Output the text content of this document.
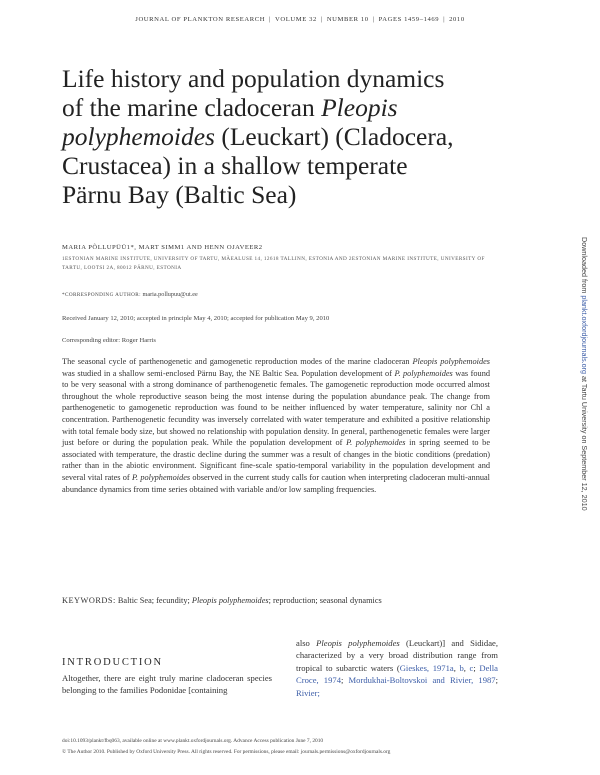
JOURNAL OF PLANKTON RESEARCH | VOLUME 32 | NUMBER 10 | PAGES 1459–1469 | 2010
Life history and population dynamics of the marine cladoceran Pleopis polyphemoides (Leuckart) (Cladocera, Crustacea) in a shallow temperate Pärnu Bay (Baltic Sea)
MARIA PÕLLUPÜÜ1*, MART SIMM1 AND HENN OJAVEER2
1ESTONIAN MARINE INSTITUTE, UNIVERSITY OF TARTU, MÄEALUSE 14, 12618 TALLINN, ESTONIA AND 2ESTONIAN MARINE INSTITUTE, UNIVERSITY OF TARTU, LOOTSI 2A, 80012 PÄRNU, ESTONIA
*CORRESPONDING AUTHOR: maria.pollupuu@ut.ee
Received January 12, 2010; accepted in principle May 4, 2010; accepted for publication May 9, 2010
Corresponding editor: Roger Harris
The seasonal cycle of parthenogenetic and gamogenetic reproduction modes of the marine cladoceran Pleopis polyphemoides was studied in a shallow semi-enclosed Pärnu Bay, the NE Baltic Sea. Population development of P. polyphemoides was found to be very seasonal with a strong dominance of parthenogenetic females. The gamogenetic reproduction mode occurred almost throughout the whole reproductive season being the most intense during the population abundance peak. The change from parthenogenetic to gamogenetic reproduction was found to be neither influenced by water temperature, salinity nor Chl a concentration. Parthenogenetic fecundity was inversely correlated with water temperature and exhibited a positive relationship with total female body size, but showed no relationship with population density. In general, parthenogenetic females were larger just before or during the population peak. While the population development of P. polyphemoides in spring seemed to be associated with temperature, the drastic decline during the summer was a result of changes in the biotic conditions (predation) rather than in the abiotic environment. Significant fine-scale spatio-temporal variability in the population development and several vital rates of P. polyphemoides observed in the current study calls for caution when interpreting cladoceran multi-annual abundance dynamics from time series obtained with variable and/or low sampling frequencies.
KEYWORDS: Baltic Sea; fecundity; Pleopis polyphemoides; reproduction; seasonal dynamics
INTRODUCTION
Altogether, there are eight truly marine cladoceran species belonging to the families Podonidae [containing
also Pleopis polyphemoides (Leuckart)] and Sididae, characterized by a very broad distribution range from tropical to subarctic waters (Gieskes, 1971a, b, c; Della Croce, 1974; Mordukhai-Boltovskoi and Rivier, 1987; Rivier;
doi:10.1093/plankt/fbq063, available online at www.plankt.oxfordjournals.org. Advance Access publication June 7, 2010
© The Author 2010. Published by Oxford University Press. All rights reserved. For permissions, please email: journals.permissions@oxfordjournals.org
Downloaded from plankt.oxfordjournals.org at Tartu University on September 12, 2010
